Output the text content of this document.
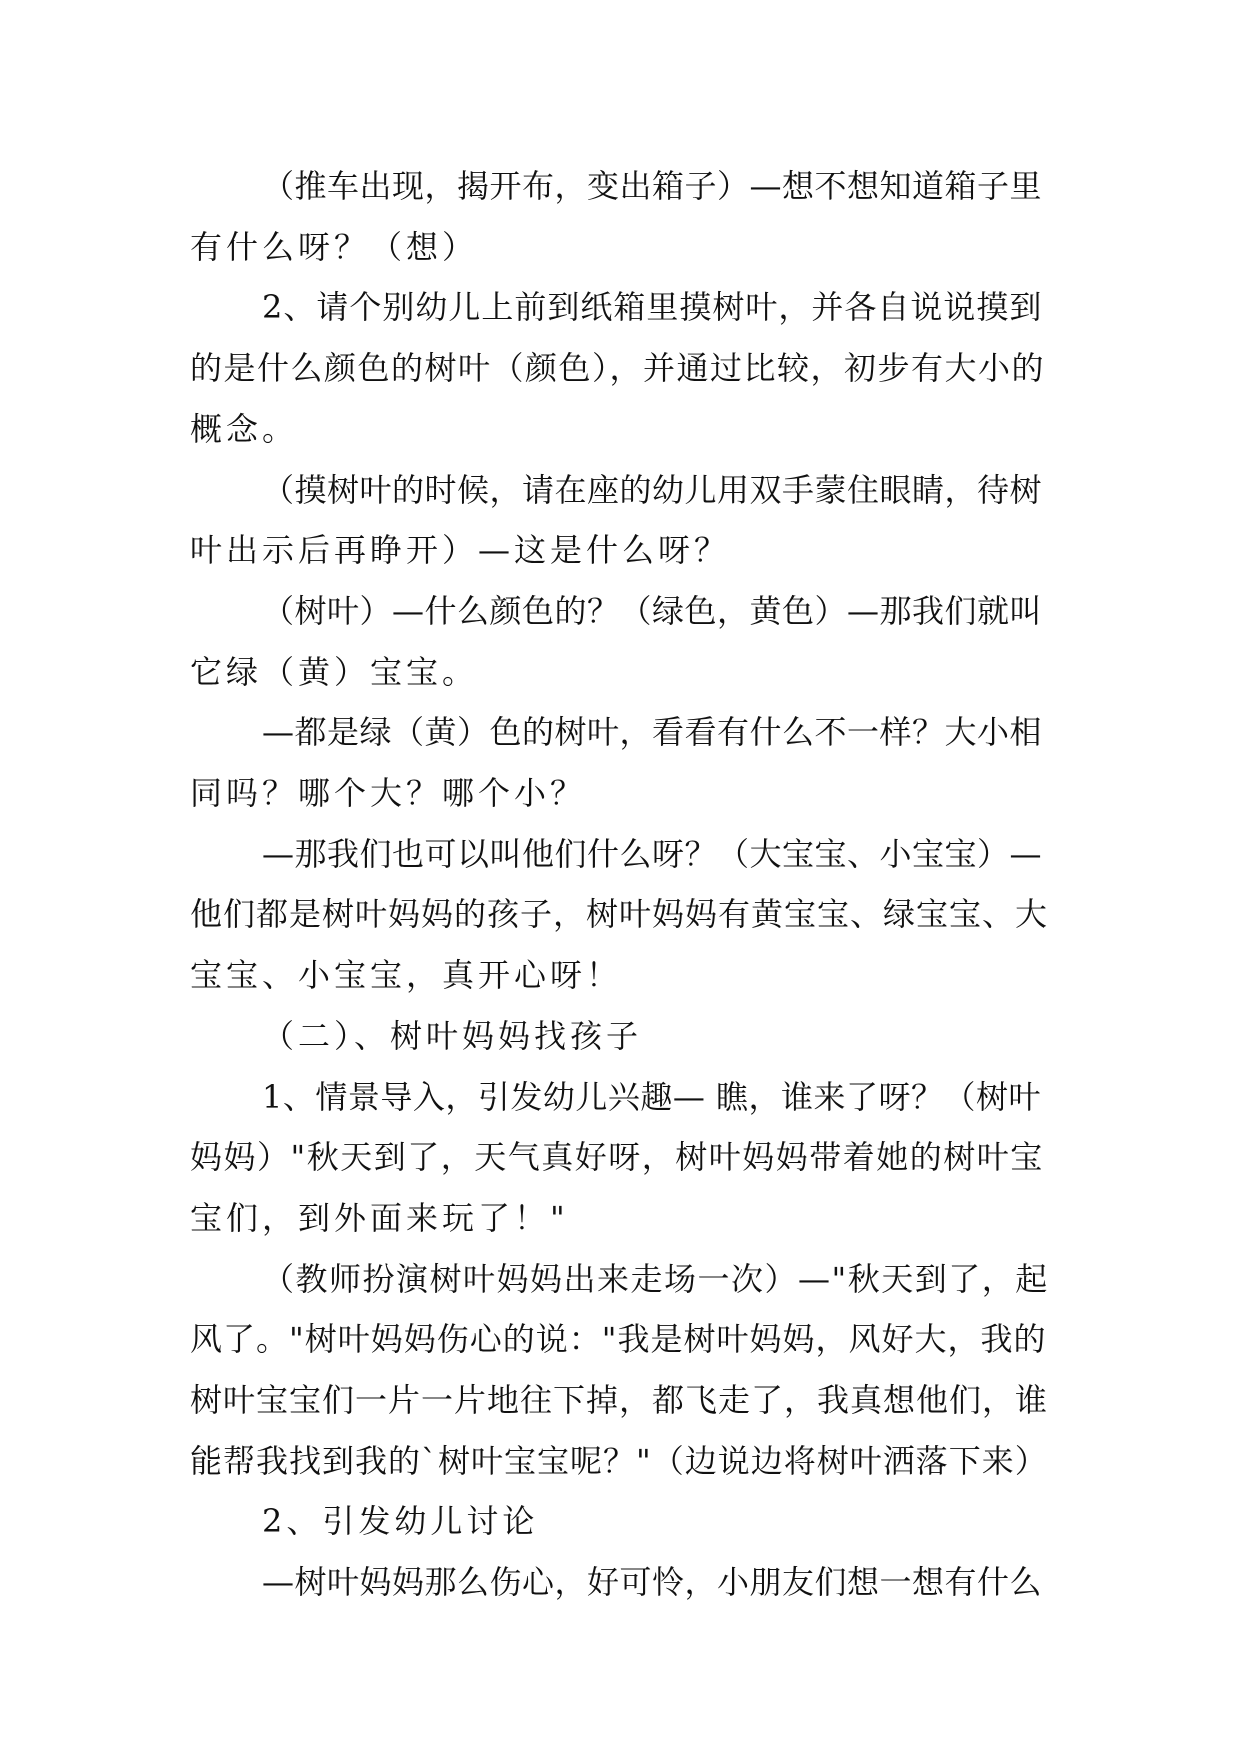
（推车出现，揭开布，变出箱子）—想不想知道箱子里
有什么呀？（想）
2、请个别幼儿上前到纸箱里摸树叶，并各自说说摸到
的是什么颜色的树叶（颜色），并通过比较，初步有大小的
概念。
（摸树叶的时候，请在座的幼儿用双手蒙住眼睛，待树
叶出示后再睁开）—这是什么呀？
（树叶）—什么颜色的？（绿色，黄色）—那我们就叫
它绿（黄）宝宝。
—都是绿（黄）色的树叶，看看有什么不一样？大小相
同吗？哪个大？哪个小？
—那我们也可以叫他们什么呀？（大宝宝、小宝宝）—
他们都是树叶妈妈的孩子，树叶妈妈有黄宝宝、绿宝宝、大
宝宝、小宝宝，真开心呀！
（二）、树叶妈妈找孩子
1、情景导入，引发幼儿兴趣— 瞧，谁来了呀？（树叶
妈妈）"秋天到了，天气真好呀，树叶妈妈带着她的树叶宝
宝们，到外面来玩了！"
（教师扮演树叶妈妈出来走场一次）—"秋天到了，起
风了。"树叶妈妈伤心的说："我是树叶妈妈，风好大，我的
树叶宝宝们一片一片地往下掉，都飞走了，我真想他们，谁
能帮我找到我的`树叶宝宝呢？"（边说边将树叶洒落下来）
2、引发幼儿讨论
—树叶妈妈那么伤心，好可怜，小朋友们想一想有什么
